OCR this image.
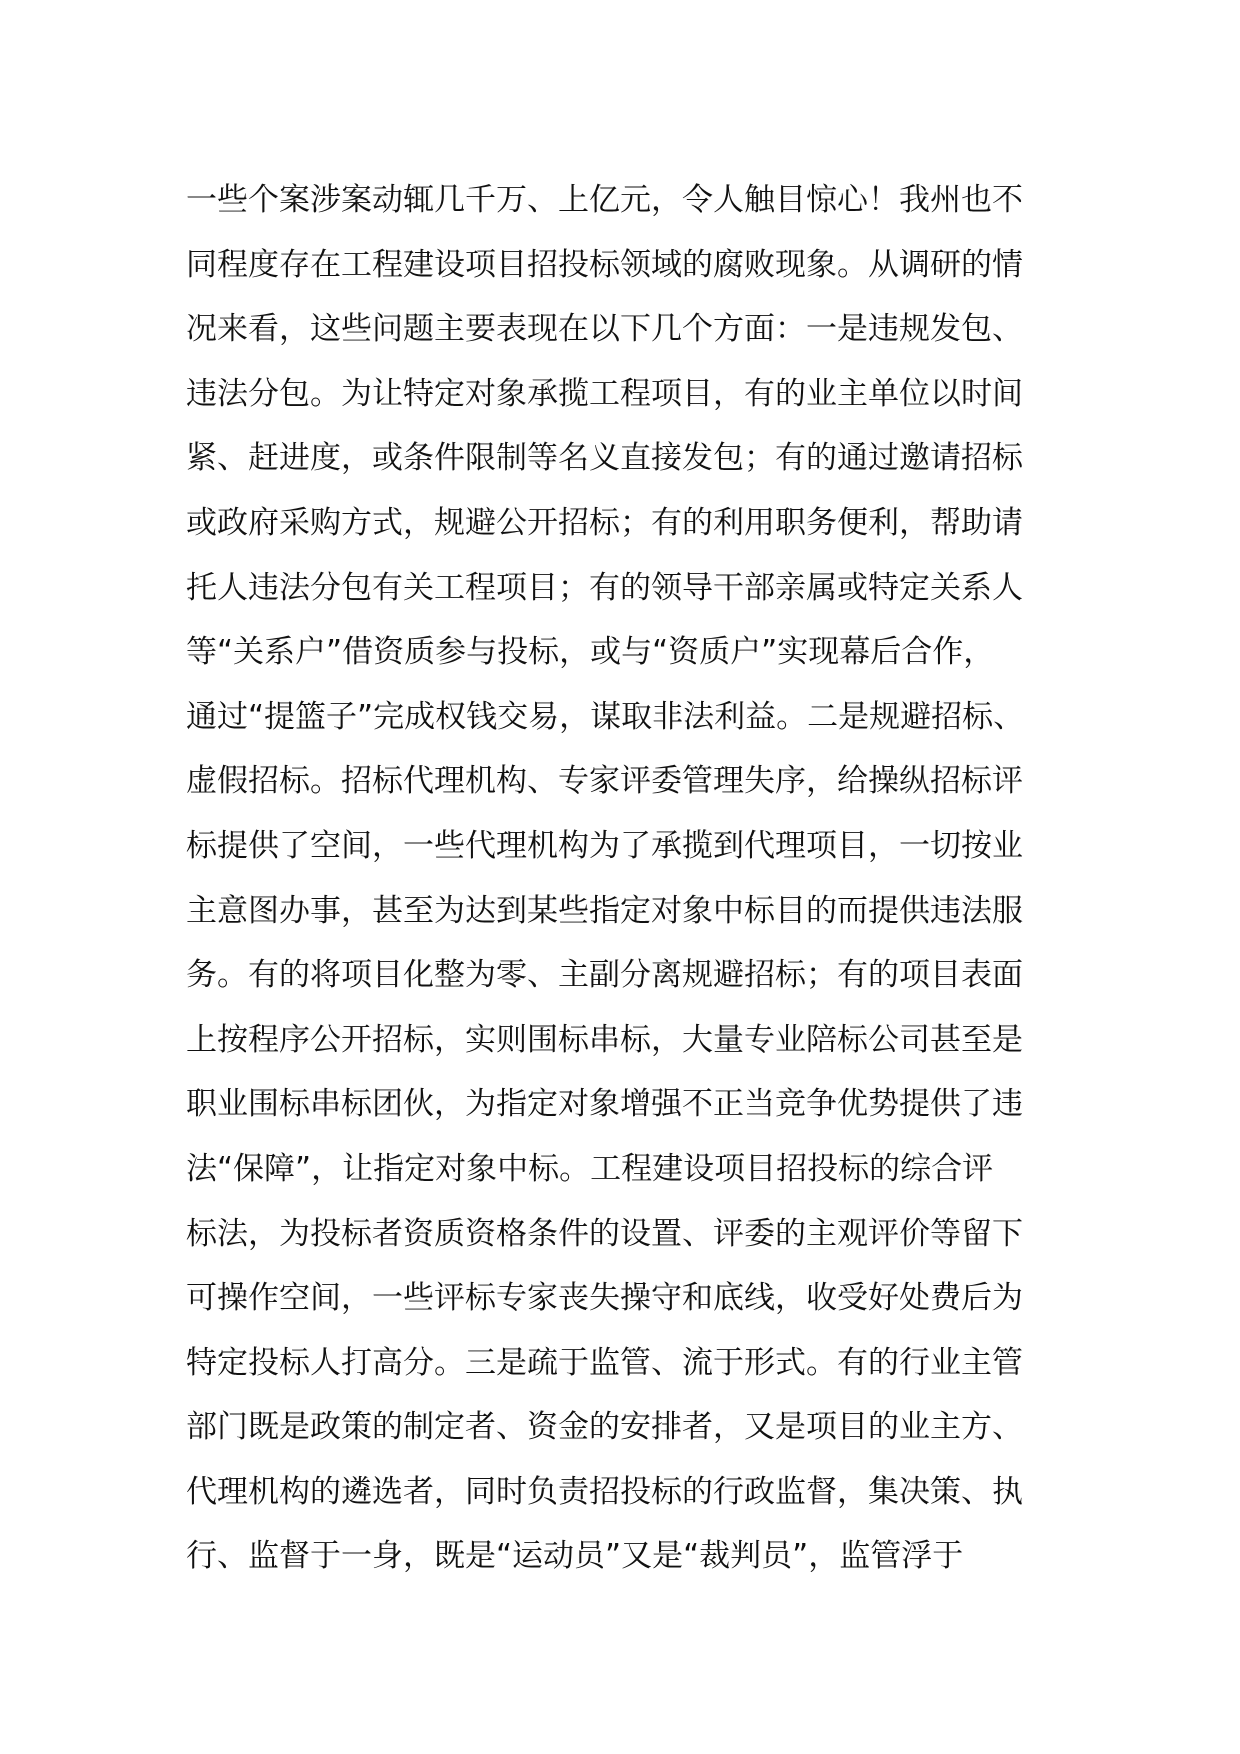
一些个案涉案动辄几千万、上亿元，令人触目惊心！我州也不
同程度存在工程建设项目招投标领域的腐败现象。从调研的情
况来看，这些问题主要表现在以下几个方面：一是违规发包、
违法分包。为让特定对象承揽工程项目，有的业主单位以时间
紧、赶进度，或条件限制等名义直接发包；有的通过邀请招标
或政府采购方式，规避公开招标；有的利用职务便利，帮助请
托人违法分包有关工程项目；有的领导干部亲属或特定关系人
等“关系户”借资质参与投标，或与“资质户”实现幕后合作，
通过“提篮子”完成权钱交易，谋取非法利益。二是规避招标、
虚假招标。招标代理机构、专家评委管理失序，给操纵招标评
标提供了空间，一些代理机构为了承揽到代理项目，一切按业
主意图办事，甚至为达到某些指定对象中标目的而提供违法服
务。有的将项目化整为零、主副分离规避招标；有的项目表面
上按程序公开招标，实则围标串标，大量专业陪标公司甚至是
职业围标串标团伙，为指定对象增强不正当竞争优势提供了违
法“保障”，让指定对象中标。工程建设项目招投标的综合评
标法，为投标者资质资格条件的设置、评委的主观评价等留下
可操作空间，一些评标专家丧失操守和底线，收受好处费后为
特定投标人打高分。三是疏于监管、流于形式。有的行业主管
部门既是政策的制定者、资金的安排者，又是项目的业主方、
代理机构的遴选者，同时负责招投标的行政监督，集决策、执
行、监督于一身，既是“运动员”又是“裁判员”，监管浮于
